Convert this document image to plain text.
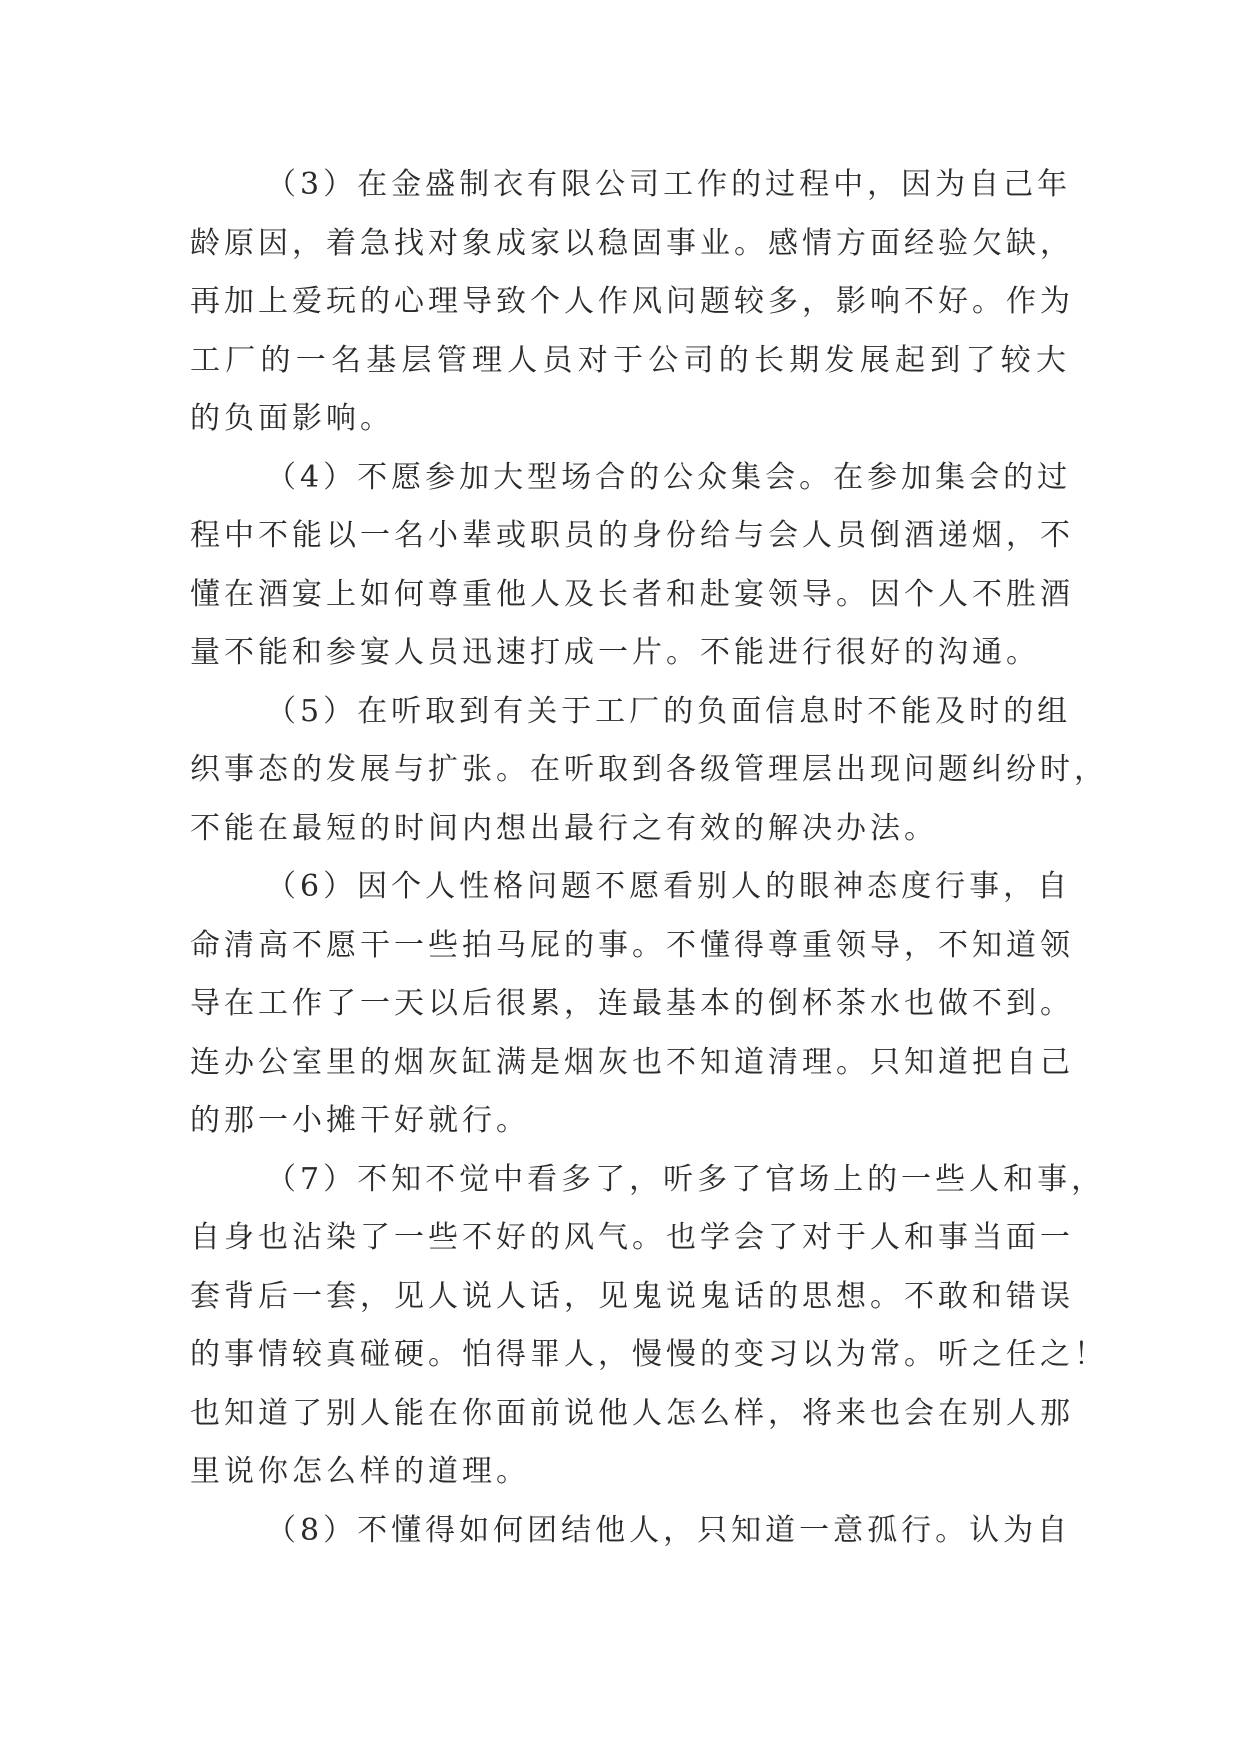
（3）在金盛制衣有限公司工作的过程中，因为自己年
龄原因，着急找对象成家以稳固事业。感情方面经验欠缺，
再加上爱玩的心理导致个人作风问题较多，影响不好。作为
工厂的一名基层管理人员对于公司的长期发展起到了较大
的负面影响。
（4）不愿参加大型场合的公众集会。在参加集会的过
程中不能以一名小辈或职员的身份给与会人员倒酒递烟，不
懂在酒宴上如何尊重他人及长者和赴宴领导。因个人不胜酒
量不能和参宴人员迅速打成一片。不能进行很好的沟通。
（5）在听取到有关于工厂的负面信息时不能及时的组
织事态的发展与扩张。在听取到各级管理层出现问题纠纷时，
不能在最短的时间内想出最行之有效的解决办法。
（6）因个人性格问题不愿看别人的眼神态度行事，自
命清高不愿干一些拍马屁的事。不懂得尊重领导，不知道领
导在工作了一天以后很累，连最基本的倒杯茶水也做不到。
连办公室里的烟灰缸满是烟灰也不知道清理。只知道把自己
的那一小摊干好就行。
（7）不知不觉中看多了，听多了官场上的一些人和事，
自身也沾染了一些不好的风气。也学会了对于人和事当面一
套背后一套，见人说人话，见鬼说鬼话的思想。不敢和错误
的事情较真碰硬。怕得罪人，慢慢的变习以为常。听之任之！
也知道了别人能在你面前说他人怎么样，将来也会在别人那
里说你怎么样的道理。
（8）不懂得如何团结他人，只知道一意孤行。认为自
